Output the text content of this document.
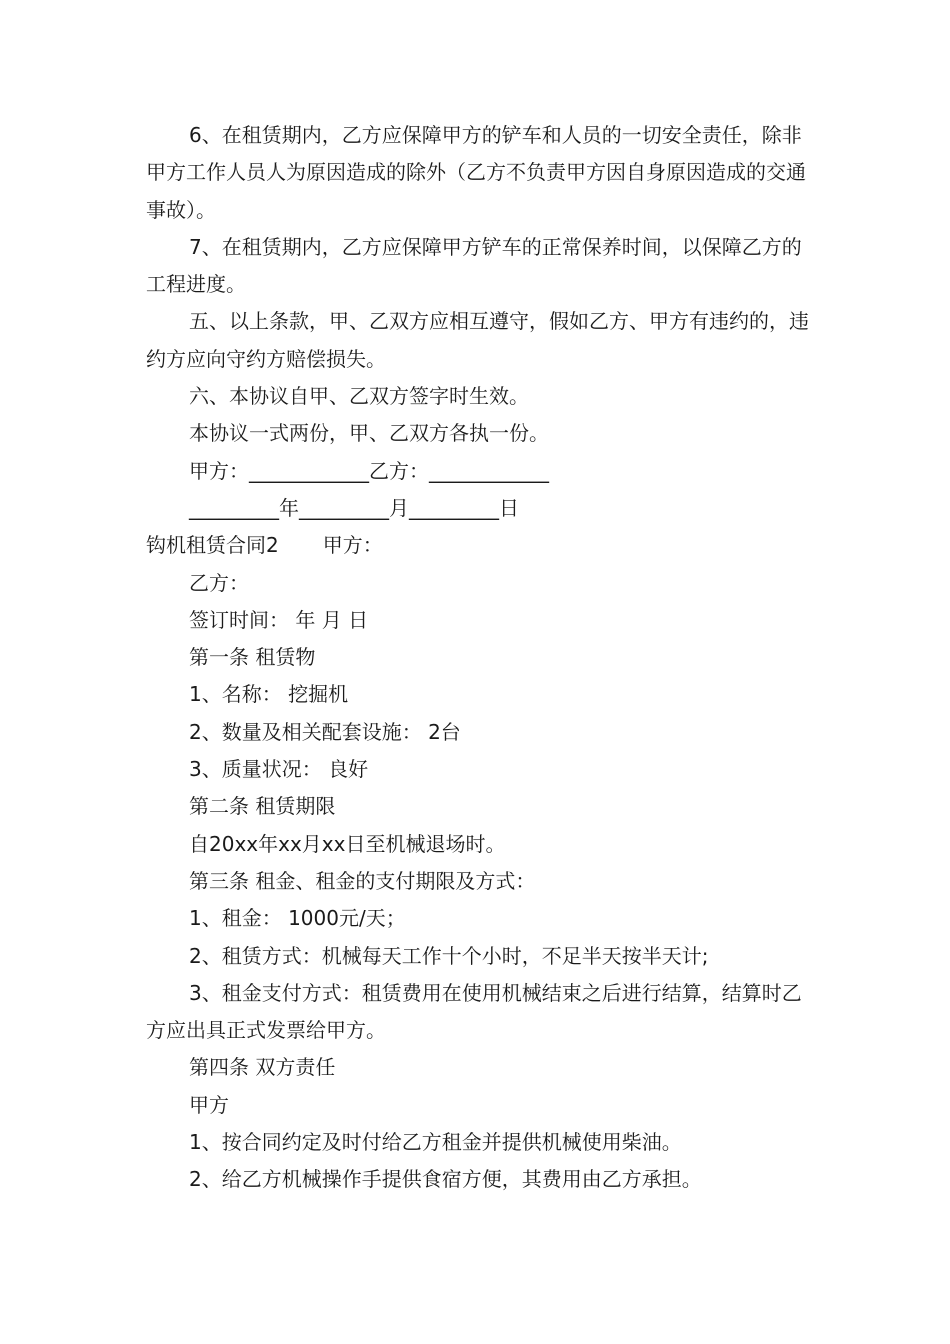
6、在租赁期内，乙方应保障甲方的铲车和人员的一切安全责任，除非甲方工作人员人为原因造成的除外（乙方不负责甲方因自身原因造成的交通事故）。

7、在租赁期内，乙方应保障甲方铲车的正常保养时间，以保障乙方的工程进度。

五、以上条款，甲、乙双方应相互遵守，假如乙方、甲方有违约的，违约方应向守约方赔偿损失。

六、本协议自甲、乙双方签字时生效。

本协议一式两份，甲、乙双方各执一份。

甲方：____________乙方：____________

_________年_________月_________日

钩机租赁合同2 甲方：

乙方：

签订时间： 年 月 日

第一条 租赁物

1、名称： 挖掘机

2、数量及相关配套设施： 2台

3、质量状况： 良好

第二条 租赁期限

自20xx年xx月xx日至机械退场时。

第三条 租金、租金的支付期限及方式：

1、租金： 1000元/天；

2、租赁方式：机械每天工作十个小时，不足半天按半天计;

3、租金支付方式：租赁费用在使用机械结束之后进行结算，结算时乙方应出具正式发票给甲方。

第四条 双方责任

甲方

1、按合同约定及时付给乙方租金并提供机械使用柴油。

2、给乙方机械操作手提供食宿方便，其费用由乙方承担。
